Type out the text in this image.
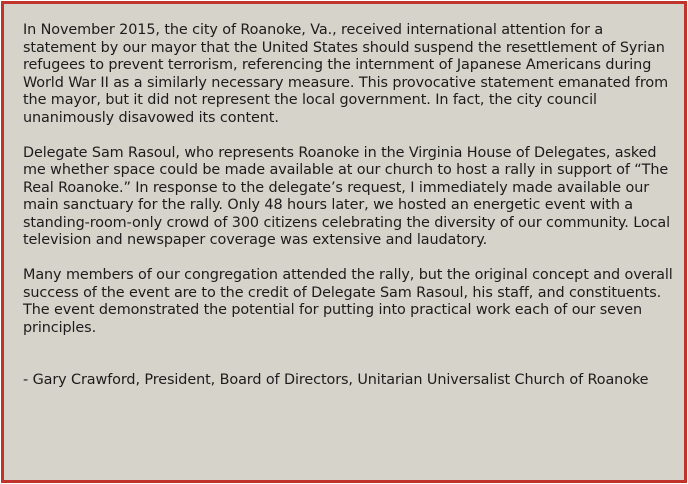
In November 2015, the city of Roanoke, Va., received international attention for a statement by our mayor that the United States should suspend the resettlement of Syrian refugees to prevent terrorism, referencing the internment of Japanese Americans during World War II as a similarly necessary measure. This provocative statement emanated from the mayor, but it did not represent the local government. In fact, the city council unanimously disavowed its content.

Delegate Sam Rasoul, who represents Roanoke in the Virginia House of Delegates, asked me whether space could be made available at our church to host a rally in support of “The Real Roanoke.” In response to the delegate’s request, I immediately made available our main sanctuary for the rally. Only 48 hours later, we hosted an energetic event with a standing-room-only crowd of 300 citizens celebrating the diversity of our community. Local television and newspaper coverage was extensive and laudatory.

Many members of our congregation attended the rally, but the original concept and overall success of the event are to the credit of Delegate Sam Rasoul, his staff, and constituents. The event demonstrated the potential for putting into practical work each of our seven principles.

- Gary Crawford, President, Board of Directors, Unitarian Universalist Church of Roanoke
